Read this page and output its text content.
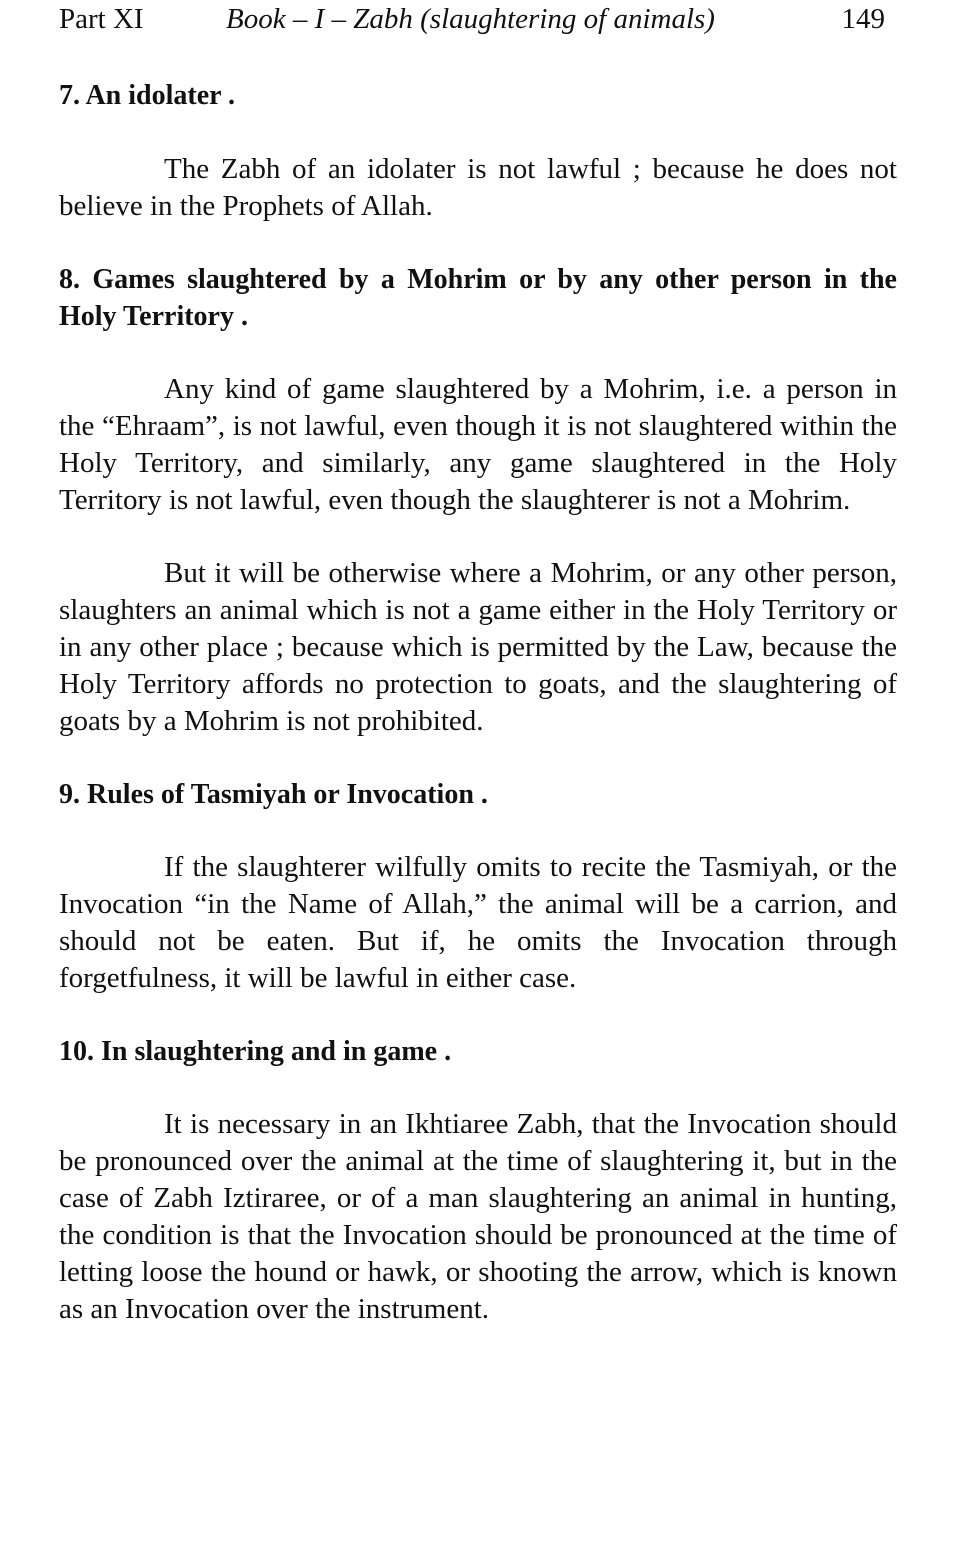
Part XI	Book – I – Zabh (slaughtering of animals)	149

7. An idolater .

The Zabh of an idolater is not lawful ; because he does not believe in the Prophets of Allah.

8. Games slaughtered by a Mohrim or by any other person in the Holy Territory .

Any kind of game slaughtered by a Mohrim, i.e. a person in the “Ehraam”, is not lawful, even though it is not slaughtered within the Holy Territory, and similarly, any game slaughtered in the Holy Territory is not lawful, even though the slaughterer is not a Mohrim.

But it will be otherwise where a Mohrim, or any other person, slaughters an animal which is not a game either in the Holy Territory or in any other place ; because which is permitted by the Law, because the Holy Territory affords no protection to goats, and the slaughtering of goats by a Mohrim is not prohibited.

9. Rules of Tasmiyah or Invocation .

If the slaughterer wilfully omits to recite the Tasmiyah, or the Invocation “in the Name of Allah,” the animal will be a carrion, and should not be eaten. But if, he omits the Invocation through forgetfulness, it will be lawful in either case.

10. In slaughtering and in game .

It is necessary in an Ikhtiaree Zabh, that the Invocation should be pronounced over the animal at the time of slaughtering it, but in the case of Zabh Iztiraree, or of a man slaughtering an animal in hunting, the condition is that the Invocation should be pronounced at the time of letting loose the hound or hawk, or shooting the arrow, which is known as an Invocation over the instrument.
